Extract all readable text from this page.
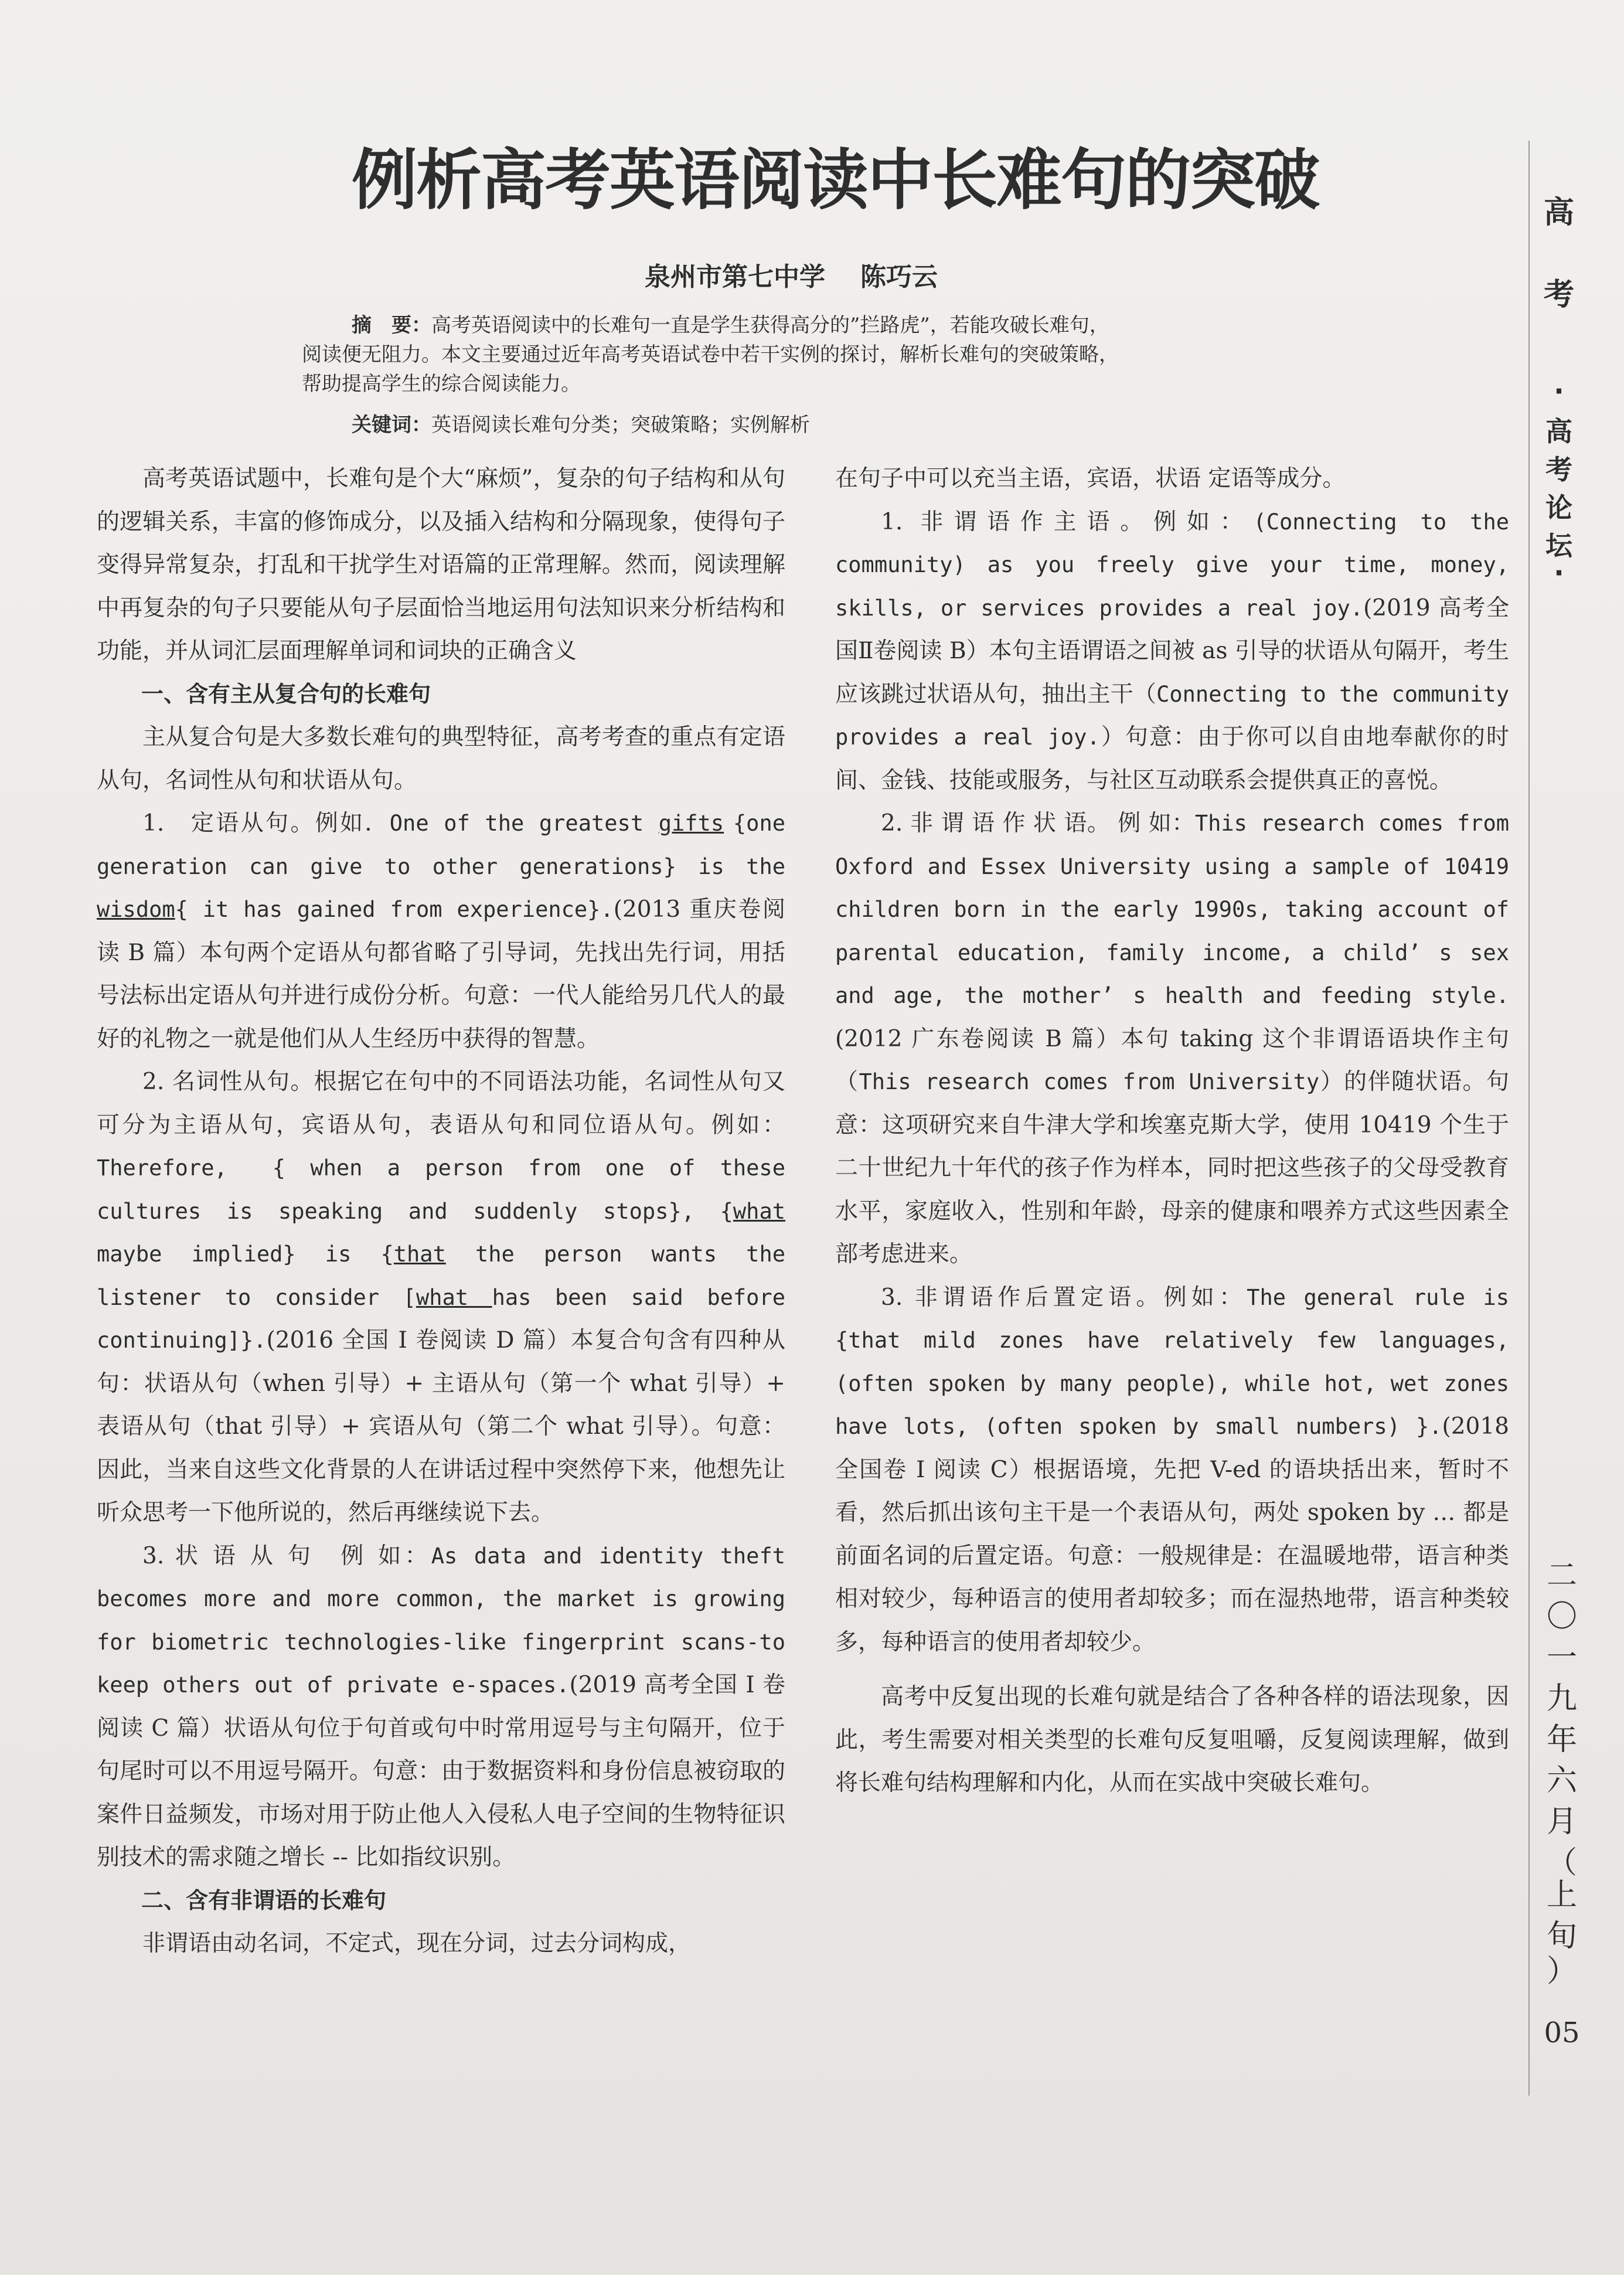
例析高考英语阅读中长难句的突破
泉州市第七中学 陈巧云

摘　要：高考英语阅读中的长难句一直是学生获得高分的”拦路虎”，若能攻破长难句，

阅读便无阻力。本文主要通过近年高考英语试卷中若干实例的探讨，解析长难句的突破策略，

帮助提高学生的综合阅读能力。

关键词：英语阅读长难句分类；突破策略；实例解析

高考英语试题中，长难句是个大“麻烦”，复杂的句子结构和从句的逻辑关系，丰富的修饰成分，以及插入结构和分隔现象，使得句子变得异常复杂，打乱和干扰学生对语篇的正常理解。然而，阅读理解中再复杂的句子只要能从句子层面恰当地运用句法知识来分析结构和功能，并从词汇层面理解单词和词块的正确含义

一、含有主从复合句的长难句

主从复合句是大多数长难句的典型特征，高考考查的重点有定语从句，名词性从句和状语从句。

1.　定语从句。例如．One of the greatest gifts {one generation can give to other generations} is the wisdom{ it has gained from experience}.(2013 重庆卷阅读 B 篇）本句两个定语从句都省略了引导词，先找出先行词，用括号法标出定语从句并进行成份分析。句意：一代人能给另几代人的最好的礼物之一就是他们从人生经历中获得的智慧。

2. 名词性从句。根据它在句中的不同语法功能，名词性从句又可分为主语从句，宾语从句，表语从句和同位语从句。例如：Therefore,　{ when a person from one of these cultures is speaking and suddenly stops}, {what maybe implied} is {that the person wants the listener to consider [what has been said before continuing]}.(2016 全国 I 卷阅读 D 篇）本复合句含有四种从句：状语从句（when 引导）+ 主语从句（第一个 what 引导）+ 表语从句（that 引导）+ 宾语从句（第二个 what 引导）。句意：因此，当来自这些文化背景的人在讲话过程中突然停下来，他想先让听众思考一下他所说的，然后再继续说下去。

3. 状 语 从 句　例 如：As data and identity theft becomes more and more common, the market is growing for biometric technologies-like fingerprint scans-to keep others out of private e-spaces.(2019 高考全国 I 卷阅读 C 篇）状语从句位于句首或句中时常用逗号与主句隔开，位于句尾时可以不用逗号隔开。句意：由于数据资料和身份信息被窃取的案件日益频发，市场对用于防止他人入侵私人电子空间的生物特征识别技术的需求随之增长 -- 比如指纹识别。

二、含有非谓语的长难句

非谓语由动名词，不定式，现在分词，过去分词构成，

在句子中可以充当主语，宾语，状语 定语等成分。

1. 非谓语作主语。例如：(Connecting to the community) as you freely give your time, money, skills, or services provides a real joy.(2019 高考全国Ⅱ卷阅读 B）本句主语谓语之间被 as 引导的状语从句隔开，考生应该跳过状语从句，抽出主干（Connecting to the community provides a real joy.）句意：由于你可以自由地奉献你的时间、金钱、技能或服务，与社区互动联系会提供真正的喜悦。

2. 非 谓 语 作 状 语。 例 如：This research comes from Oxford and Essex University using a sample of 10419 children born in the early 1990s, taking account of parental education, family income, a child’ s sex and age, the mother’ s health and feeding style.(2012 广东卷阅读 B 篇）本句 taking 这个非谓语语块作主句（This research comes from University）的伴随状语。句意：这项研究来自牛津大学和埃塞克斯大学，使用 10419 个生于二十世纪九十年代的孩子作为样本，同时把这些孩子的父母受教育水平，家庭收入，性别和年龄，母亲的健康和喂养方式这些因素全部考虑进来。

3. 非谓语作后置定语。例如：The general rule is {that mild zones have relatively few languages, (often spoken by many people), while hot, wet zones have lots, (often spoken by small numbers) }.(2018 全国卷 I 阅读 C）根据语境，先把 V-ed 的语块括出来，暂时不看，然后抓出该句主干是一个表语从句，两处 spoken by … 都是前面名词的后置定语。句意：一般规律是：在温暖地带，语言种类相对较少，每种语言的使用者却较多；而在湿热地带，语言种类较多，每种语言的使用者却较少。

高考中反复出现的长难句就是结合了各种各样的语法现象，因此，考生需要对相关类型的长难句反复咀嚼，反复阅读理解，做到将长难句结构理解和内化，从而在实战中突破长难句。

高
考
·
高
考
论
坛
·
二
〇
一
九
年
六
月
（
上
旬
）
05
